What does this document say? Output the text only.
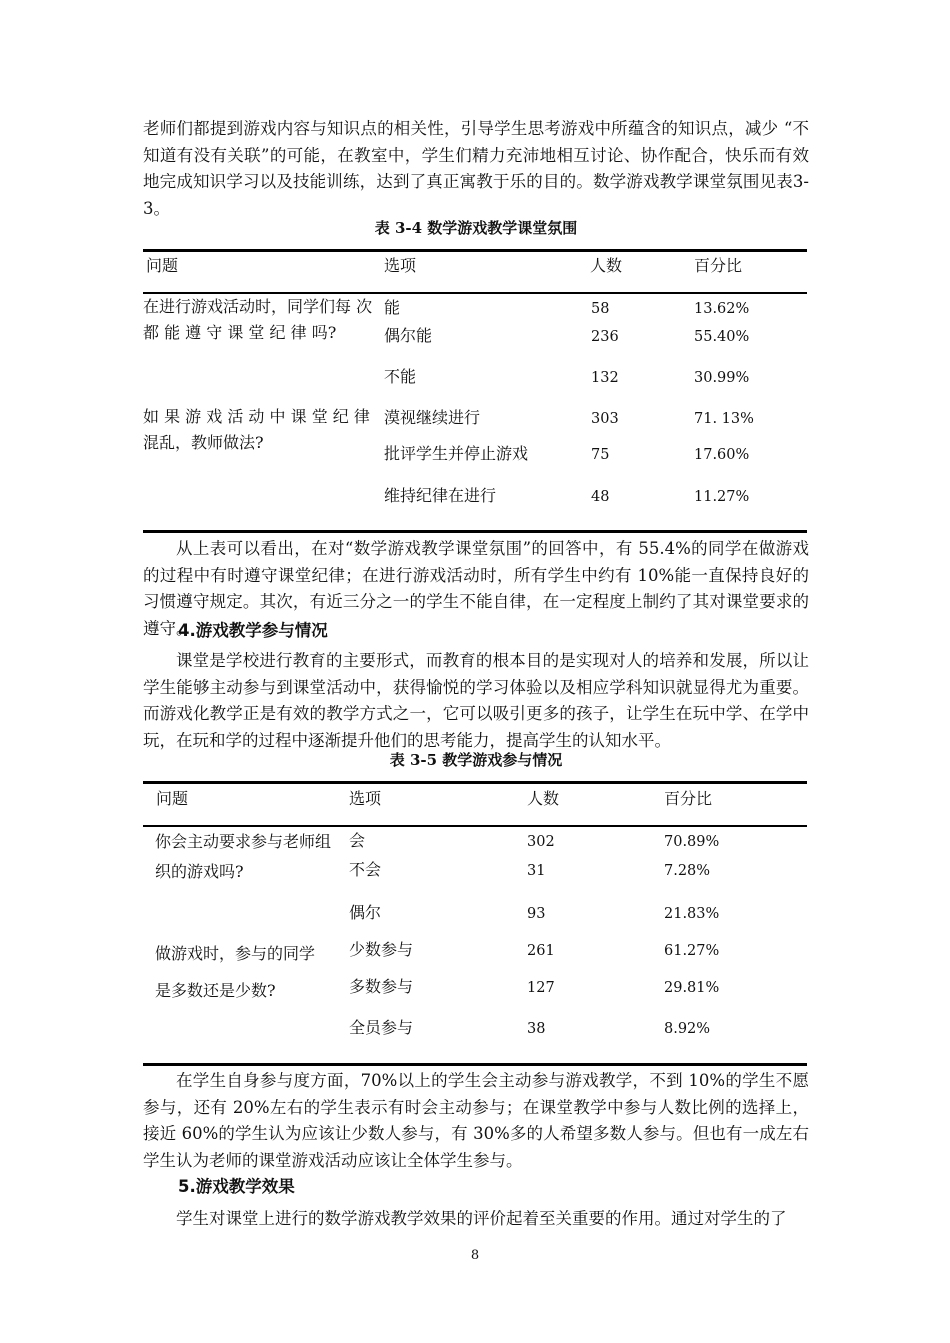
老师们都提到游戏内容与知识点的相关性，引导学生思考游戏中所蕴含的知识点，减少 “不知道有没有关联”的可能，在教室中，学生们精力充沛地相互讨论、协作配合，快乐而有效地完成知识学习以及技能训练，达到了真正寓教于乐的目的。数学游戏教学课堂氛围见表3-3。

表 3-4 数学游戏教学课堂氛围

问题	选项	人数	百分比

在进行游戏活动时，同学们每 次都 能 遵 守 课 堂 纪 律 吗?

能	58	13.62%

偶尔能	236	55.40%

不能	132	30.99%

如 果 游 戏 活 动 中 课 堂 纪 律 混乱，教师做法?

漠视继续进行	303	71. 13%

批评学生并停止游戏	75	17.60%

维持纪律在进行	48	11.27%

从上表可以看出，在对“数学游戏教学课堂氛围”的回答中，有 55.4%的同学在做游戏的过程中有时遵守课堂纪律；在进行游戏活动时，所有学生中约有 10%能一直保持良好的习惯遵守规定。其次，有近三分之一的学生不能自律，在一定程度上制约了其对课堂要求的遵守。

4.游戏教学参与情况

课堂是学校进行教育的主要形式，而教育的根本目的是实现对人的培养和发展，所以让学生能够主动参与到课堂活动中，获得愉悦的学习体验以及相应学科知识就显得尤为重要。而游戏化教学正是有效的教学方式之一，它可以吸引更多的孩子，让学生在玩中学、在学中玩，在玩和学的过程中逐渐提升他们的思考能力，提高学生的认知水平。

表 3-5 教学游戏参与情况

问题	选项	人数	百分比

你会主动要求参与老师组织的游戏吗?

会	302	70.89%

不会	31	7.28%

偶尔	93	21.83%

做游戏时，参与的同学是多数还是少数?

少数参与	261	61.27%

多数参与	127	29.81%

全员参与	38	8.92%

在学生自身参与度方面，70%以上的学生会主动参与游戏教学，不到 10%的学生不愿参与，还有 20%左右的学生表示有时会主动参与；在课堂教学中参与人数比例的选择上，接近 60%的学生认为应该让少数人参与，有 30%多的人希望多数人参与。但也有一成左右学生认为老师的课堂游戏活动应该让全体学生参与。

5.游戏教学效果

学生对课堂上进行的数学游戏教学效果的评价起着至关重要的作用。通过对学生的了

8
